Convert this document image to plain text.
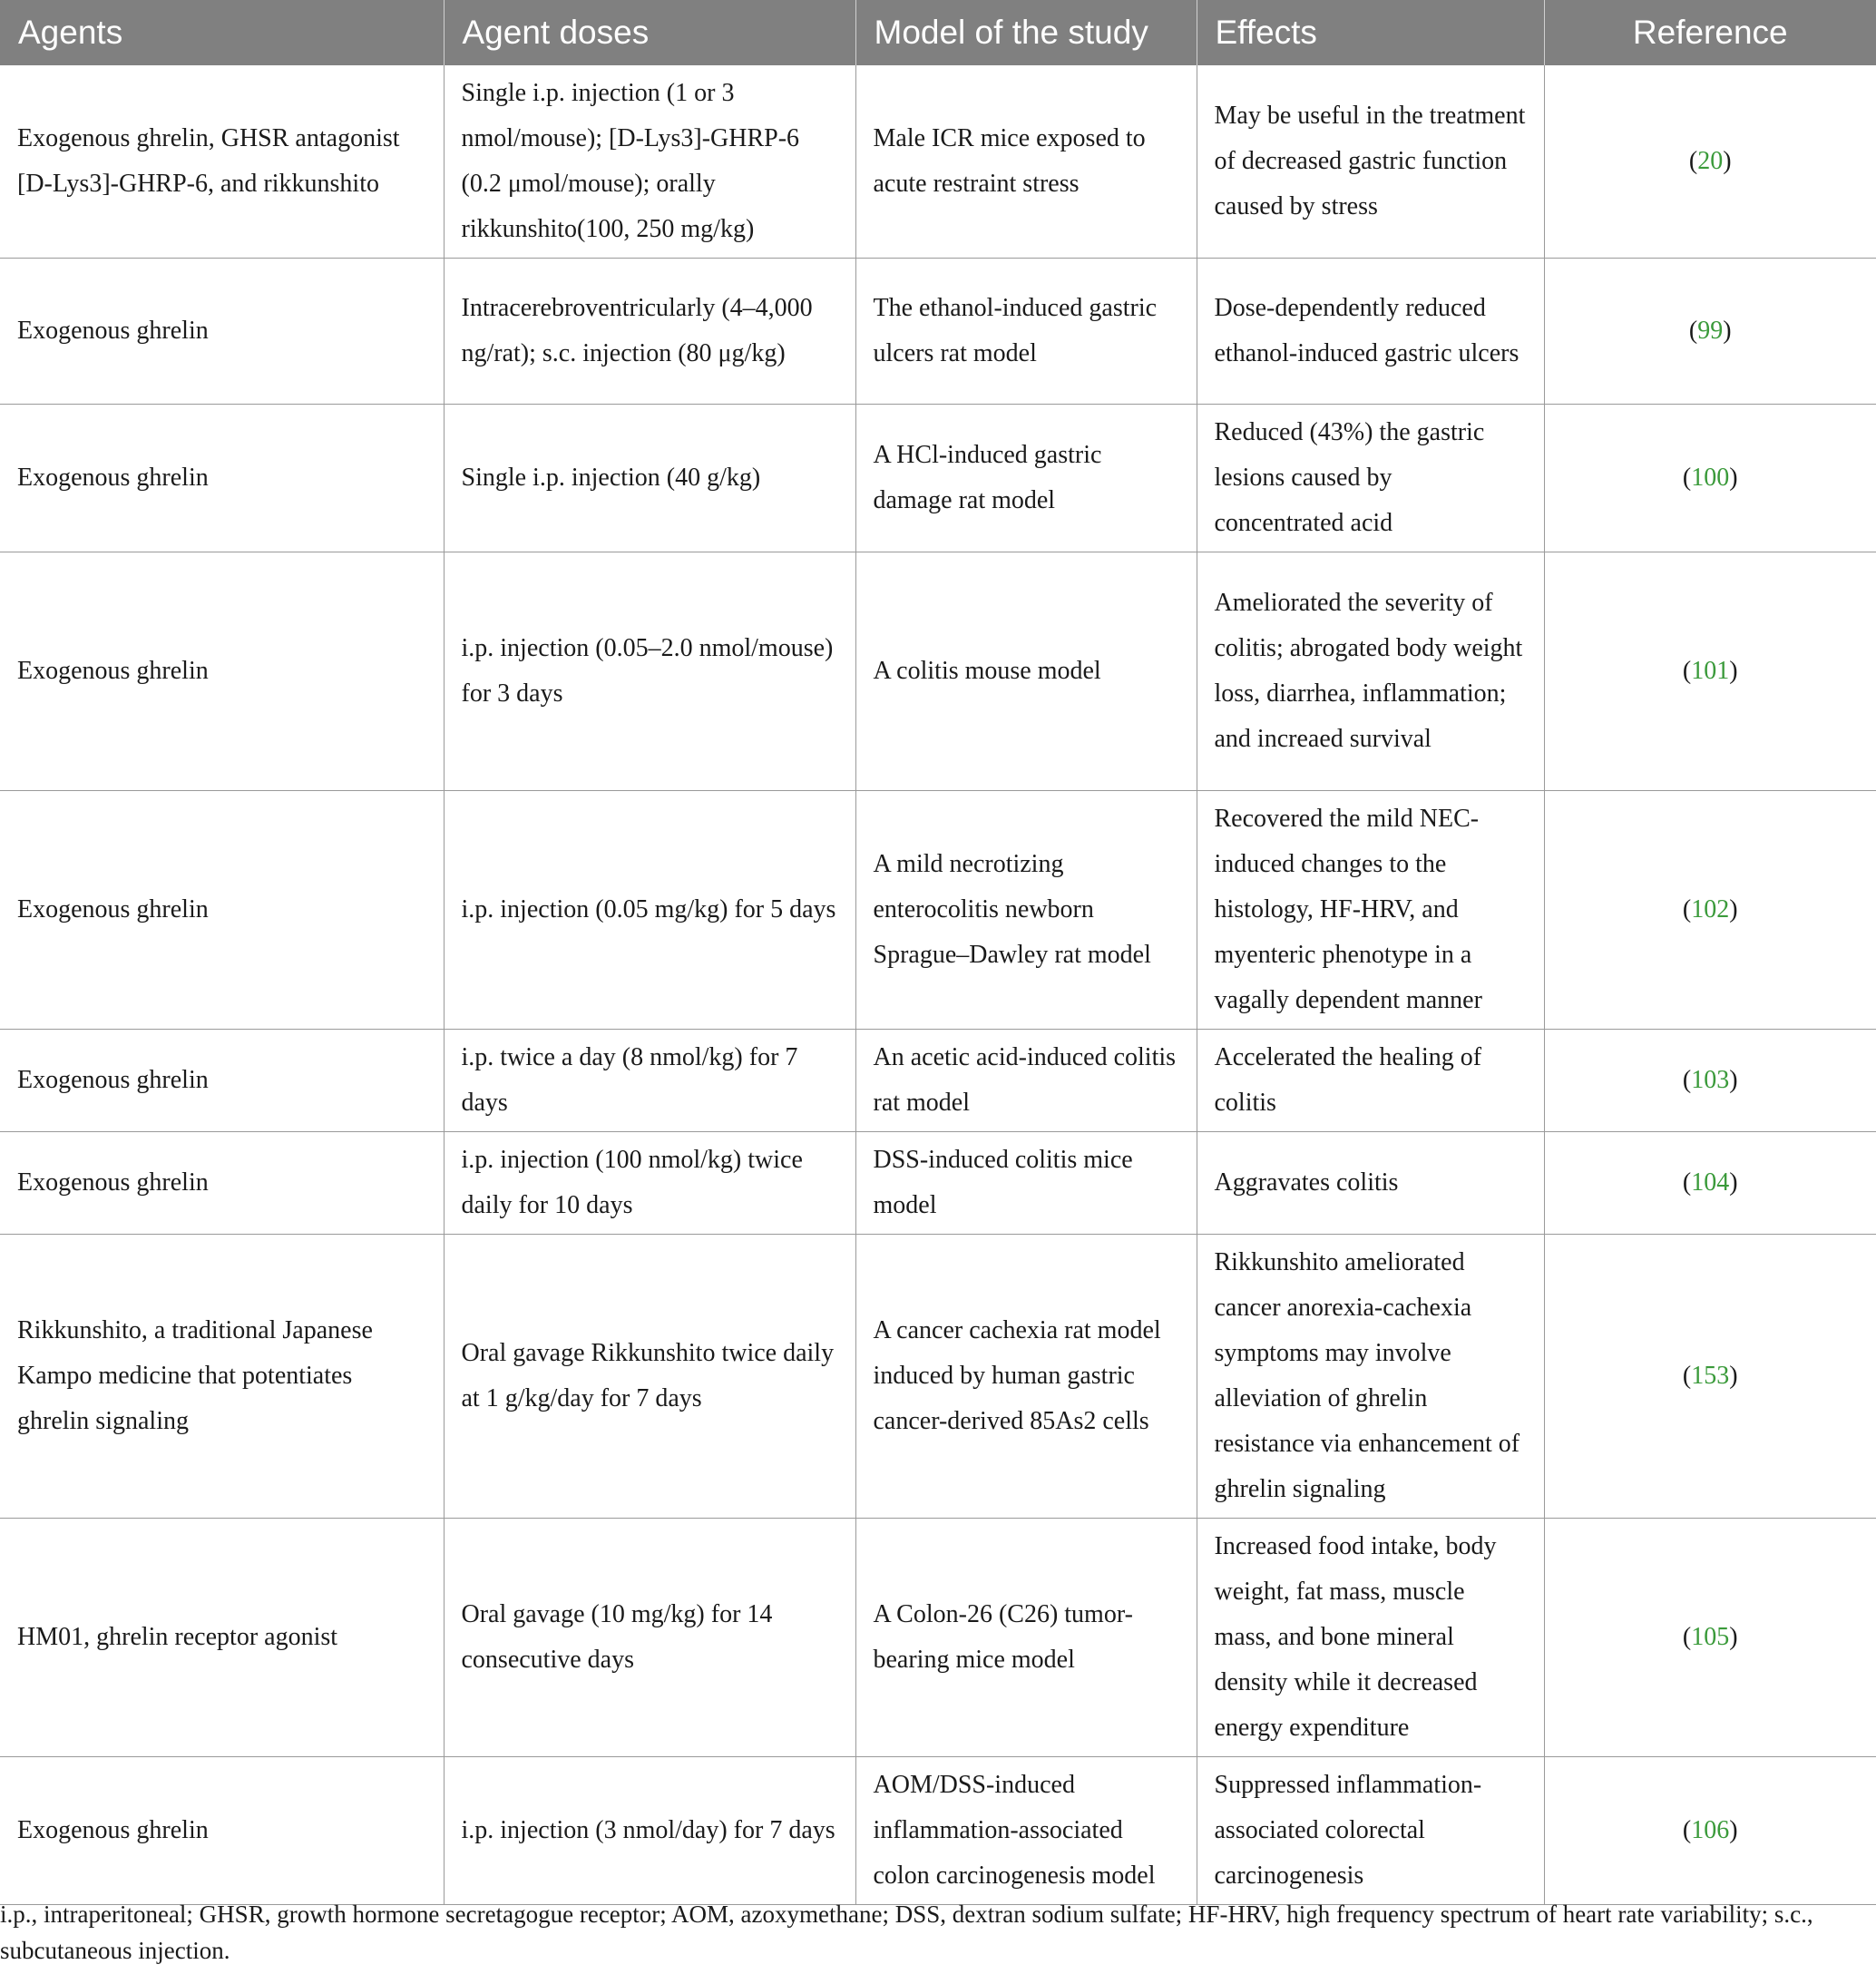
Agents	Agent doses	Model of the study	Effects	Reference
Exogenous ghrelin, GHSR antagonist [D-Lys3]-GHRP-6, and rikkunshito	Single i.p. injection (1 or 3 nmol/mouse); [D-Lys3]-GHRP-6 (0.2 μmol/mouse); orally rikkunshito(100, 250 mg/kg)	Male ICR mice exposed to acute restraint stress	May be useful in the treatment of decreased gastric function caused by stress	(20)
Exogenous ghrelin	Intracerebroventricularly (4–4,000 ng/rat); s.c. injection (80 μg/kg)	The ethanol-induced gastric ulcers rat model	Dose-dependently reduced ethanol-induced gastric ulcers	(99)
Exogenous ghrelin	Single i.p. injection (40 g/kg)	A HCl-induced gastric damage rat model	Reduced (43%) the gastric lesions caused by concentrated acid	(100)
Exogenous ghrelin	i.p. injection (0.05–2.0 nmol/mouse) for 3 days	A colitis mouse model	Ameliorated the severity of colitis; abrogated body weight loss, diarrhea, inflammation; and increaed survival	(101)
Exogenous ghrelin	i.p. injection (0.05 mg/kg) for 5 days	A mild necrotizing enterocolitis newborn Sprague–Dawley rat model	Recovered the mild NEC-induced changes to the histology, HF-HRV, and myenteric phenotype in a vagally dependent manner	(102)
Exogenous ghrelin	i.p. twice a day (8 nmol/kg) for 7 days	An acetic acid-induced colitis rat model	Accelerated the healing of colitis	(103)
Exogenous ghrelin	i.p. injection (100 nmol/kg) twice daily for 10 days	DSS-induced colitis mice model	Aggravates colitis	(104)
Rikkunshito, a traditional Japanese Kampo medicine that potentiates ghrelin signaling	Oral gavage Rikkunshito twice daily at 1 g/kg/day for 7 days	A cancer cachexia rat model induced by human gastric cancer-derived 85As2 cells	Rikkunshito ameliorated cancer anorexia-cachexia symptoms may involve alleviation of ghrelin resistance via enhancement of ghrelin signaling	(153)
HM01, ghrelin receptor agonist	Oral gavage (10 mg/kg) for 14 consecutive days	A Colon-26 (C26) tumor-bearing mice model	Increased food intake, body weight, fat mass, muscle mass, and bone mineral density while it decreased energy expenditure	(105)
Exogenous ghrelin	i.p. injection (3 nmol/day) for 7 days	AOM/DSS-induced inflammation-associated colon carcinogenesis model	Suppressed inflammation-associated colorectal carcinogenesis	(106)
i.p., intraperitoneal; GHSR, growth hormone secretagogue receptor; AOM, azoxymethane; DSS, dextran sodium sulfate; HF-HRV, high frequency spectrum of heart rate variability; s.c., subcutaneous injection.
